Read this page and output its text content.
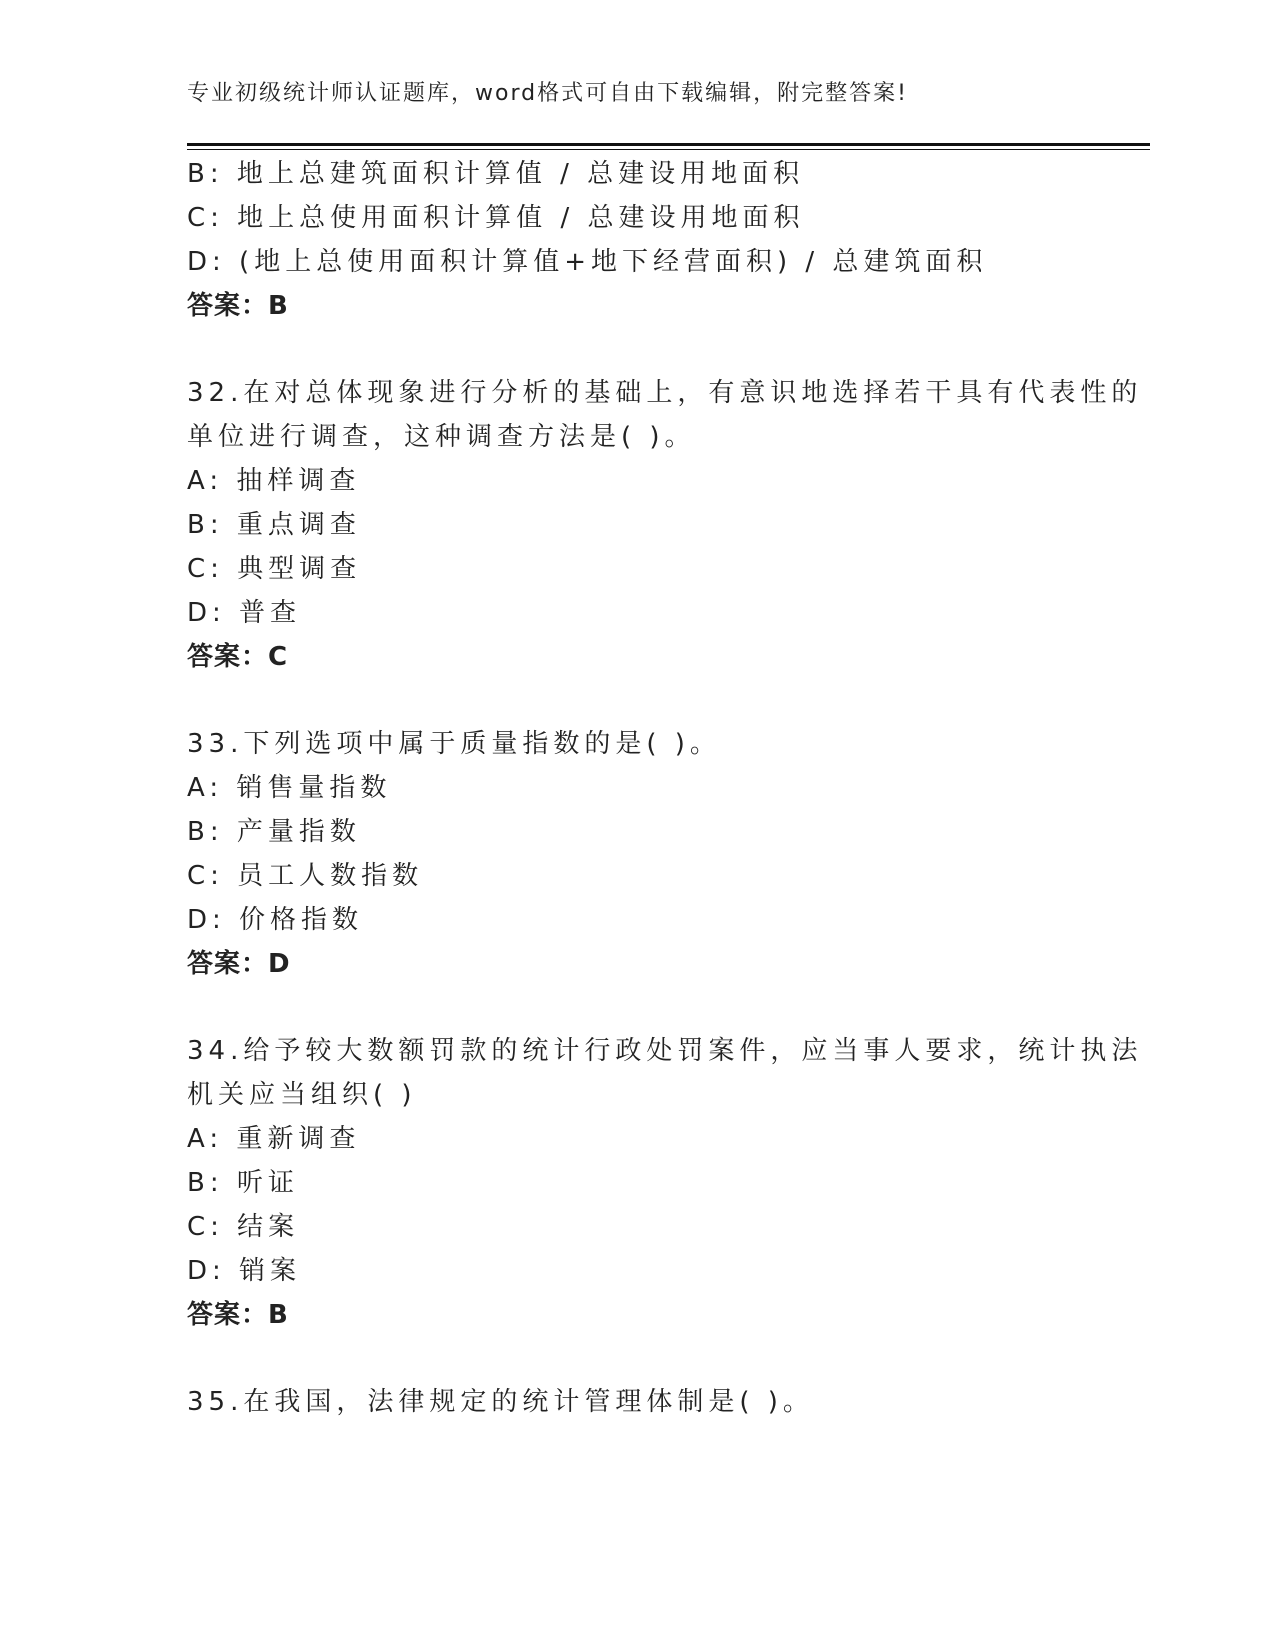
专业初级统计师认证题库，word格式可自由下载编辑，附完整答案!
B: 地上总建筑面积计算值 / 总建设用地面积
C: 地上总使用面积计算值 / 总建设用地面积
D: (地上总使用面积计算值+地下经营面积) / 总建筑面积
答案：B
32.在对总体现象进行分析的基础上，有意识地选择若干具有代表性的
单位进行调查，这种调查方法是( )。
A: 抽样调查
B: 重点调查
C: 典型调查
D: 普查
答案：C
33.下列选项中属于质量指数的是( )。
A: 销售量指数
B: 产量指数
C: 员工人数指数
D: 价格指数
答案：D
34.给予较大数额罚款的统计行政处罚案件，应当事人要求，统计执法
机关应当组织( )
A: 重新调查
B: 听证
C: 结案
D: 销案
答案：B
35.在我国，法律规定的统计管理体制是( )。
